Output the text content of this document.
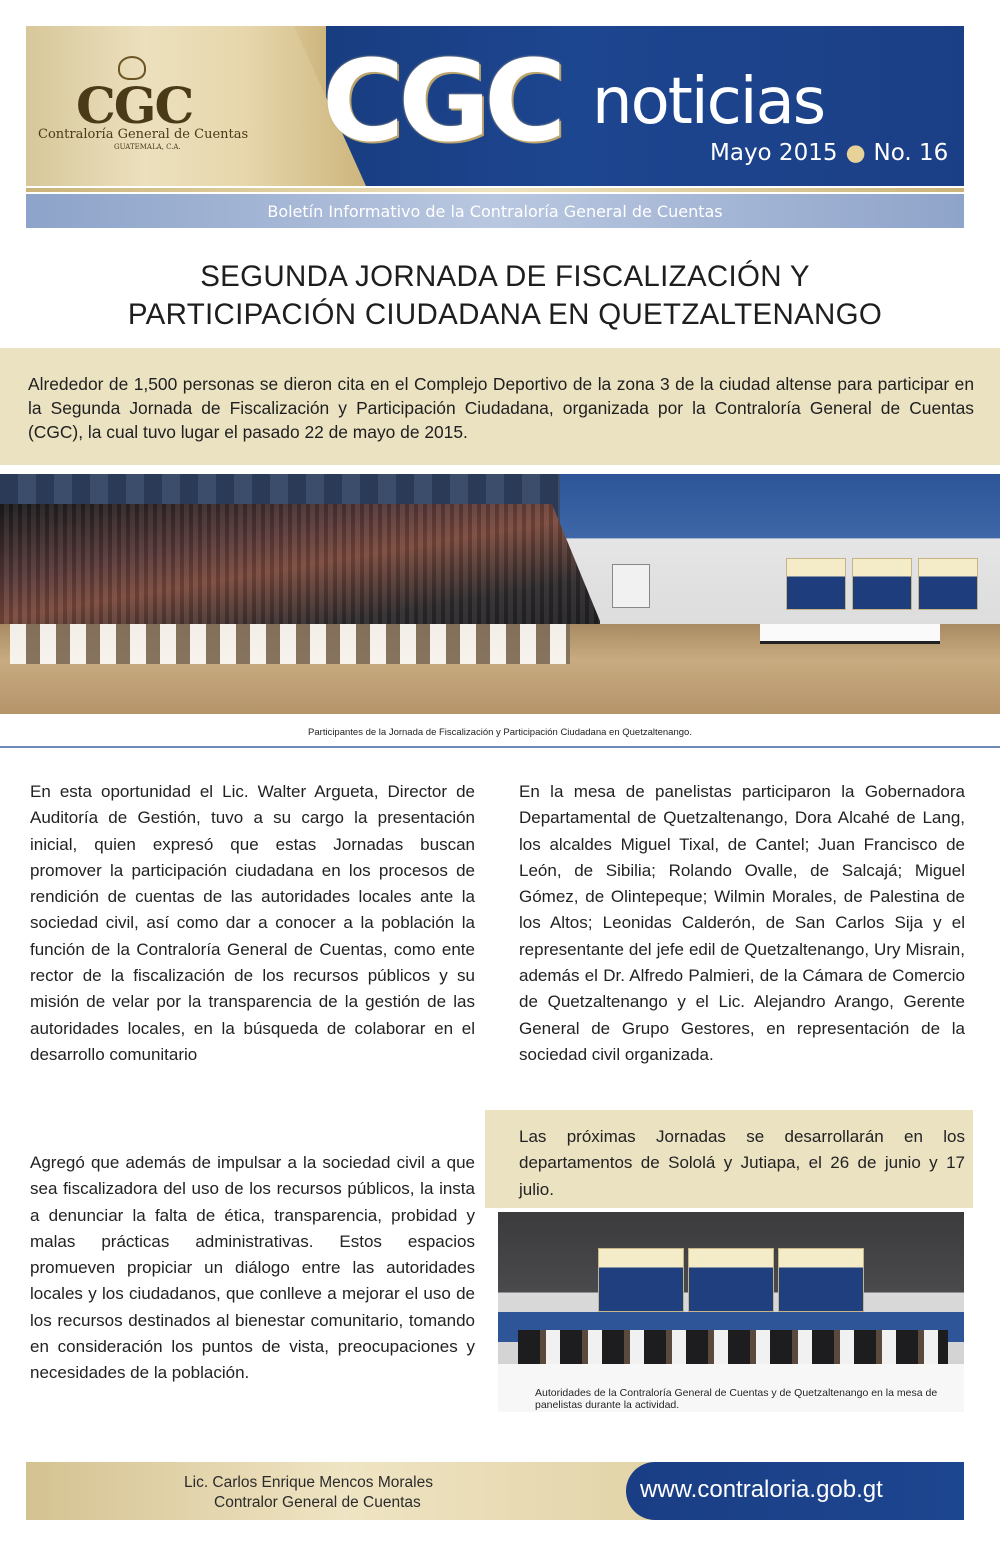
CGC
Contraloría General de Cuentas
GUATEMALA, C.A. CGC noticias
Mayo 2015 ● No. 16
Boletín Informativo de la Contraloría General de Cuentas
SEGUNDA JORNADA DE FISCALIZACIÓN Y
PARTICIPACIÓN CIUDADANA EN QUETZALTENANGO
Alrededor de 1,500 personas se dieron cita en el Complejo Deportivo de la zona 3 de la ciudad altense para participar en la Segunda Jornada de Fiscalización y Participación Ciudadana, organizada por la Contraloría General de Cuentas (CGC), la cual tuvo lugar el pasado 22 de mayo de 2015.
Participantes de la Jornada de Fiscalización y Participación Ciudadana en Quetzaltenango.
En esta oportunidad el Lic. Walter Argueta, Director de Auditoría de Gestión, tuvo a su cargo la presentación inicial, quien expresó que estas Jornadas buscan promover la participación ciudadana en los procesos de rendición de cuentas de las autoridades locales ante la sociedad civil, así como dar a conocer a la población la función de la Contraloría General de Cuentas, como ente rector de la fiscalización de los recursos públicos y su misión de velar por la transparencia de la gestión de las autoridades locales, en la búsqueda de colaborar en el desarrollo comunitario
Agregó que además de impulsar a la sociedad civil a que sea fiscalizadora del uso de los recursos públicos, la insta a denunciar la falta de ética, transparencia, probidad y malas prácticas administrativas. Estos espacios promueven propiciar un diálogo entre las autoridades locales y los ciudadanos, que conlleve a mejorar el uso de los recursos destinados al bienestar comunitario, tomando en consideración los puntos de vista, preocupaciones y necesidades de la población.
En la mesa de panelistas participaron la Gobernadora Departamental de Quetzaltenango, Dora Alcahé de Lang, los alcaldes Miguel Tixal, de Cantel; Juan Francisco de León, de Sibilia; Rolando Ovalle, de Salcajá; Miguel Gómez, de Olintepeque; Wilmin Morales, de Palestina de los Altos; Leonidas Calderón, de San Carlos Sija y el representante del jefe edil de Quetzaltenango, Ury Misrain, además el Dr. Alfredo Palmieri, de la Cámara de Comercio de Quetzaltenango y el Lic. Alejandro Arango, Gerente General de Grupo Gestores, en representación de la sociedad civil organizada.
Las próximas Jornadas se desarrollarán en los departamentos de Sololá y Jutiapa, el 26 de junio y 17 julio.
Autoridades de la Contraloría General de Cuentas y de Quetzaltenango en la mesa de panelistas durante la actividad.
Lic. Carlos Enrique Mencos Morales
Contralor General de Cuentas	www.contraloria.gob.gt
